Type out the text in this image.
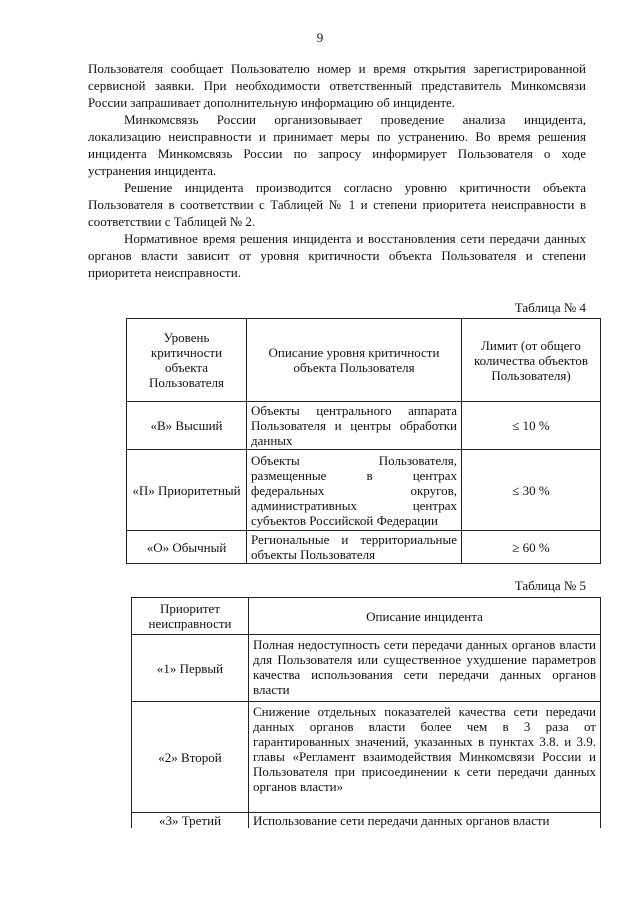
9

Пользователя сообщает Пользователю номер и время открытия зарегистрированной сервисной заявки. При необходимости ответственный представитель Минкомсвязи России запрашивает дополнительную информацию об инциденте.

Минкомсвязь России организовывает проведение анализа инцидента, локализацию неисправности и принимает меры по устранению. Во время решения инцидента Минкомсвязь России по запросу информирует Пользователя о ходе устранения инцидента.

Решение инцидента производится согласно уровню критичности объекта Пользователя в соответствии с Таблицей № 1 и степени приоритета неисправности в соответствии с Таблицей № 2.

Нормативное время решения инцидента и восстановления сети передачи данных органов власти зависит от уровня критичности объекта Пользователя и степени приоритета неисправности.

Таблица № 4
Уровень критичности объекта Пользователя	Описание уровня критичности объекта Пользователя	Лимит (от общего количества объектов Пользователя)
«В» Высший	Объекты центрального аппарата Пользователя и центры обработки данных	≤ 10 %
«П» Приоритетный	Объекты Пользователя, размещенные в центрах федеральных округов, административных центрах субъектов Российской Федерации	≤ 30 %
«О» Обычный	Региональные и территориальные объекты Пользователя	≥ 60 %
Таблица № 5
Приоритет неисправности	Описание инцидента
«1» Первый	Полная недоступность сети передачи данных органов власти для Пользователя или существенное ухудшение параметров качества использования сети передачи данных органов власти
«2» Второй	Снижение отдельных показателей качества сети передачи данных органов власти более чем в 3 раза от гарантированных значений, указанных в пунктах 3.8. и 3.9. главы «Регламент взаимодействия Минкомсвязи России и Пользователя при присоединении к сети передачи данных органов власти»
«3» Третий	Использование сети передачи данных органов власти
